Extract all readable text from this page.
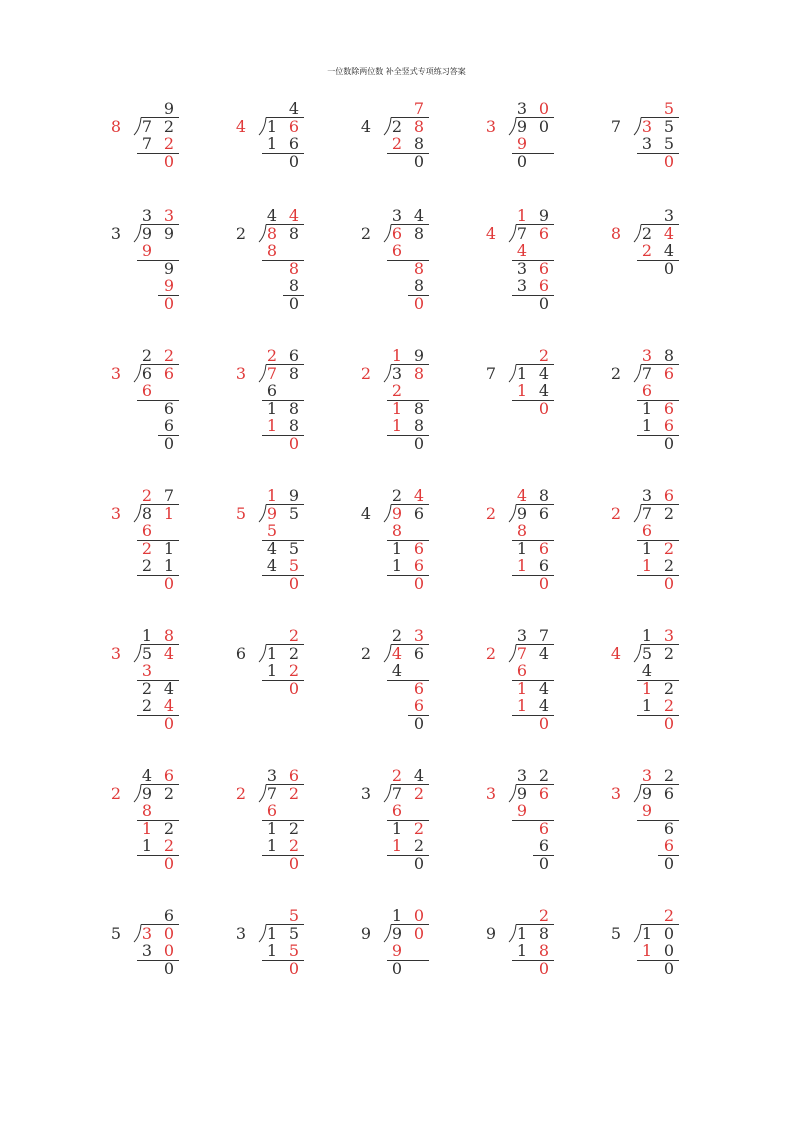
一位数除两位数 补全竖式专项练习答案
8
9
7 2
7 2
0
4
4
1 6
1 6
0
4
7
2 8
2 8
0
3
3 0
9 0
9
0
7
5
3 5
3 5
0
3
3 3
9 9
9
9
9
0
2
4 4
8 8
8
8
8
0
2
3 4
6 8
6
8
8
0
4
1 9
7 6
4
3 6
3 6
0
8
3
2 4
2 4
0
3
2 2
6 6
6
6
6
0
3
2 6
7 8
6
1 8
1 8
0
2
1 9
3 8
2
1 8
1 8
0
7
2
1 4
1 4
0
2
3 8
7 6
6
1 6
1 6
0
3
2 7
8 1
6
2 1
2 1
0
5
1 9
9 5
5
4 5
4 5
0
4
2 4
9 6
8
1 6
1 6
0
2
4 8
9 6
8
1 6
1 6
0
2
3 6
7 2
6
1 2
1 2
0
3
1 8
5 4
3
2 4
2 4
0
6
2
1 2
1 2
0
2
2 3
4 6
4
6
6
0
2
3 7
7 4
6
1 4
1 4
0
4
1 3
5 2
4
1 2
1 2
0
2
4 6
9 2
8
1 2
1 2
0
2
3 6
7 2
6
1 2
1 2
0
3
2 4
7 2
6
1 2
1 2
0
3
3 2
9 6
9
6
6
0
3
3 2
9 6
9
6
6
0
5
6
3 0
3 0
0
3
5
1 5
1 5
0
9
1 0
9 0
9
0
9
2
1 8
1 8
0
5
2
1 0
1 0
0
